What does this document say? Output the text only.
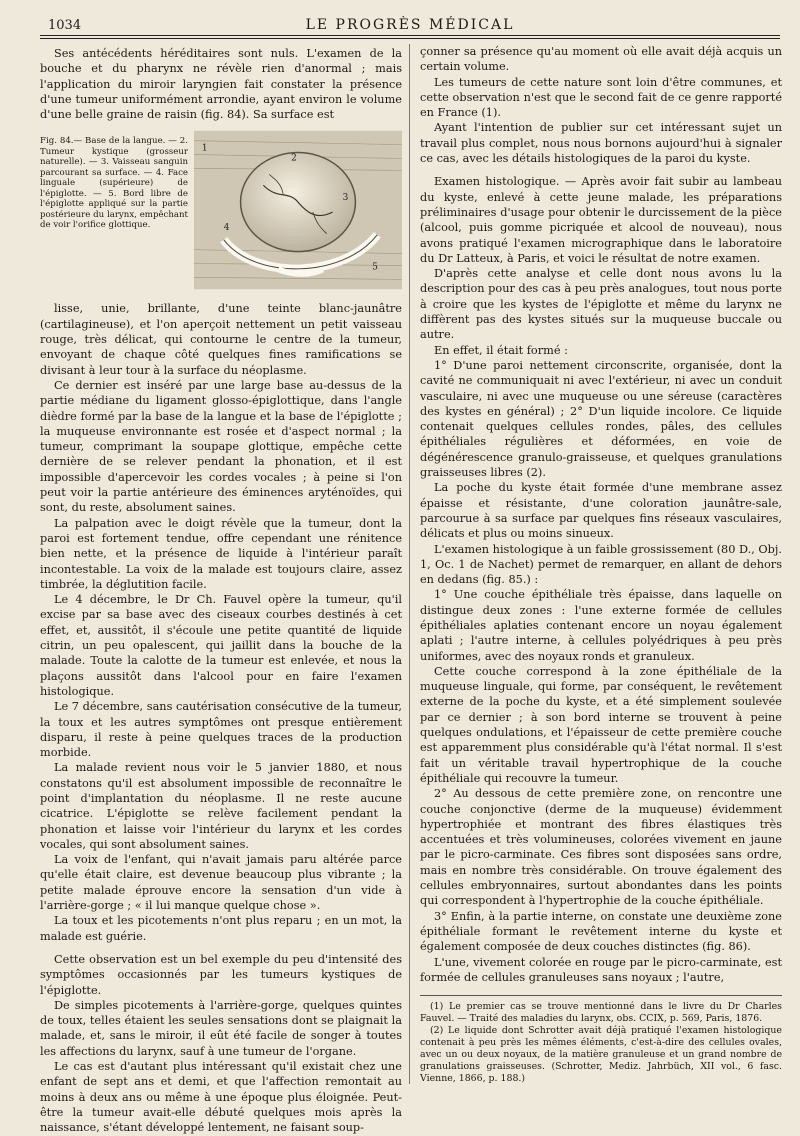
1034	LE PROGRÈS MÉDICAL

Ses antécédents héréditaires sont nuls. L'examen de la bouche et du pharynx ne révèle rien d'anormal ; mais l'application du miroir laryngien fait constater la présence d'une tumeur uniformément arrondie, ayant environ le volume d'une belle graine de raisin (fig. 84). Sa surface est

Fig. 84.— Base de la langue. — 2. Tumeur kystique (grosseur naturelle). — 3. Vaisseau sanguin parcourant sa surface. — 4. Face linguale (supérieure) de l'épiglotte. — 5. Bord libre de l'épiglotte appliqué sur la partie postérieure du larynx, empêchant de voir l'orifice glottique.
1
2
3
4
5

lisse, unie, brillante, d'une teinte blanc-jaunâtre (cartilagineuse), et l'on aperçoit nettement un petit vaisseau rouge, très délicat, qui contourne le centre de la tumeur, envoyant de chaque côté quelques fines ramifications se divisant à leur tour à la surface du néoplasme.

Ce dernier est inséré par une large base au-dessus de la partie médiane du ligament glosso-épiglottique, dans l'angle dièdre formé par la base de la langue et la base de l'épiglotte ; la muqueuse environnante est rosée et d'aspect normal ; la tumeur, comprimant la soupape glottique, empêche cette dernière de se relever pendant la phonation, et il est impossible d'apercevoir les cordes vocales ; à peine si l'on peut voir la partie antérieure des éminences aryténoïdes, qui sont, du reste, absolument saines.

La palpation avec le doigt révèle que la tumeur, dont la paroi est fortement tendue, offre cependant une rénitence bien nette, et la présence de liquide à l'intérieur paraît incontestable. La voix de la malade est toujours claire, assez timbrée, la déglutition facile.

Le 4 décembre, le Dr Ch. Fauvel opère la tumeur, qu'il excise par sa base avec des ciseaux courbes destinés à cet effet, et, aussitôt, il s'écoule une petite quantité de liquide citrin, un peu opalescent, qui jaillit dans la bouche de la malade. Toute la calotte de la tumeur est enlevée, et nous la plaçons aussitôt dans l'alcool pour en faire l'examen histologique.

Le 7 décembre, sans cautérisation consécutive de la tumeur, la toux et les autres symptômes ont presque entièrement disparu, il reste à peine quelques traces de la production morbide.

La malade revient nous voir le 5 janvier 1880, et nous constatons qu'il est absolument impossible de reconnaître le point d'implantation du néoplasme. Il ne reste aucune cicatrice. L'épiglotte se relève facilement pendant la phonation et laisse voir l'intérieur du larynx et les cordes vocales, qui sont absolument saines.

La voix de l'enfant, qui n'avait jamais paru altérée parce qu'elle était claire, est devenue beaucoup plus vibrante ; la petite malade éprouve encore la sensation d'un vide à l'arrière-gorge ; « il lui manque quelque chose ».

La toux et les picotements n'ont plus reparu ; en un mot, la malade est guérie.

Cette observation est un bel exemple du peu d'intensité des symptômes occasionnés par les tumeurs kystiques de l'épiglotte.

De simples picotements à l'arrière-gorge, quelques quintes de toux, telles étaient les seules sensations dont se plaignait la malade, et, sans le miroir, il eût été facile de songer à toutes les affections du larynx, sauf à une tumeur de l'organe.

Le cas est d'autant plus intéressant qu'il existait chez une enfant de sept ans et demi, et que l'affection remontait au moins à deux ans ou même à une époque plus éloignée. Peut-être la tumeur avait-elle débuté quelques mois après la naissance, s'étant développé lentement, ne faisant soup-

çonner sa présence qu'au moment où elle avait déjà acquis un certain volume.

Les tumeurs de cette nature sont loin d'être communes, et cette observation n'est que le second fait de ce genre rapporté en France (1).

Ayant l'intention de publier sur cet intéressant sujet un travail plus complet, nous nous bornons aujourd'hui à signaler ce cas, avec les détails histologiques de la paroi du kyste.

Examen histologique. — Après avoir fait subir au lambeau du kyste, enlevé à cette jeune malade, les préparations préliminaires d'usage pour obtenir le durcissement de la pièce (alcool, puis gomme picriquée et alcool de nouveau), nous avons pratiqué l'examen micrographique dans le laboratoire du Dr Latteux, à Paris, et voici le résultat de notre examen.

D'après cette analyse et celle dont nous avons lu la description pour des cas à peu près analogues, tout nous porte à croire que les kystes de l'épiglotte et même du larynx ne diffèrent pas des kystes situés sur la muqueuse buccale ou autre.

En effet, il était formé :

1° D'une paroi nettement circonscrite, organisée, dont la cavité ne communiquait ni avec l'extérieur, ni avec un conduit vasculaire, ni avec une muqueuse ou une séreuse (caractères des kystes en général) ; 2° D'un liquide incolore. Ce liquide contenait quelques cellules rondes, pâles, des cellules épithéliales régulières et déformées, en voie de dégénérescence granulo-graisseuse, et quelques granulations graisseuses libres (2).

La poche du kyste était formée d'une membrane assez épaisse et résistante, d'une coloration jaunâtre-sale, parcourue à sa surface par quelques fins réseaux vasculaires, délicats et plus ou moins sinueux.

L'examen histologique à un faible grossissement (80 D., Obj. 1, Oc. 1 de Nachet) permet de remarquer, en allant de dehors en dedans (fig. 85.) :

1° Une couche épithéliale très épaisse, dans laquelle on distingue deux zones : l'une externe formée de cellules épithéliales aplaties contenant encore un noyau également aplati ; l'autre interne, à cellules polyédriques à peu près uniformes, avec des noyaux ronds et granuleux.

Cette couche correspond à la zone épithéliale de la muqueuse linguale, qui forme, par conséquent, le revêtement externe de la poche du kyste, et a été simplement soulevée par ce dernier ; à son bord interne se trouvent à peine quelques ondulations, et l'épaisseur de cette première couche est apparemment plus considérable qu'à l'état normal. Il s'est fait un véritable travail hypertrophique de la couche épithéliale qui recouvre la tumeur.

2° Au dessous de cette première zone, on rencontre une couche conjonctive (derme de la muqueuse) évidemment hypertrophiée et montrant des fibres élastiques très accentuées et très volumineuses, colorées vivement en jaune par le picro-carminate. Ces fibres sont disposées sans ordre, mais en nombre très considérable. On trouve également des cellules embryonnaires, surtout abondantes dans les points qui correspondent à l'hypertrophie de la couche épithéliale.

3° Enfin, à la partie interne, on constate une deuxième zone épithéliale formant le revêtement interne du kyste et également composée de deux couches distinctes (fig. 86).

L'une, vivement colorée en rouge par le picro-carminate, est formée de cellules granuleuses sans noyaux ; l'autre,

(1) Le premier cas se trouve mentionné dans le livre du Dr Charles Fauvel. — Traité des maladies du larynx, obs. CCIX, p. 569, Paris, 1876.

(2) Le liquide dont Schrotter avait déjà pratiqué l'examen histologique contenait à peu près les mêmes éléments, c'est-à-dire des cellules ovales, avec un ou deux noyaux, de la matière granuleuse et un grand nombre de granulations graisseuses. (Schrotter, Mediz. Jahrbüch, XII vol., 6 fasc. Vienne, 1866, p. 188.)
